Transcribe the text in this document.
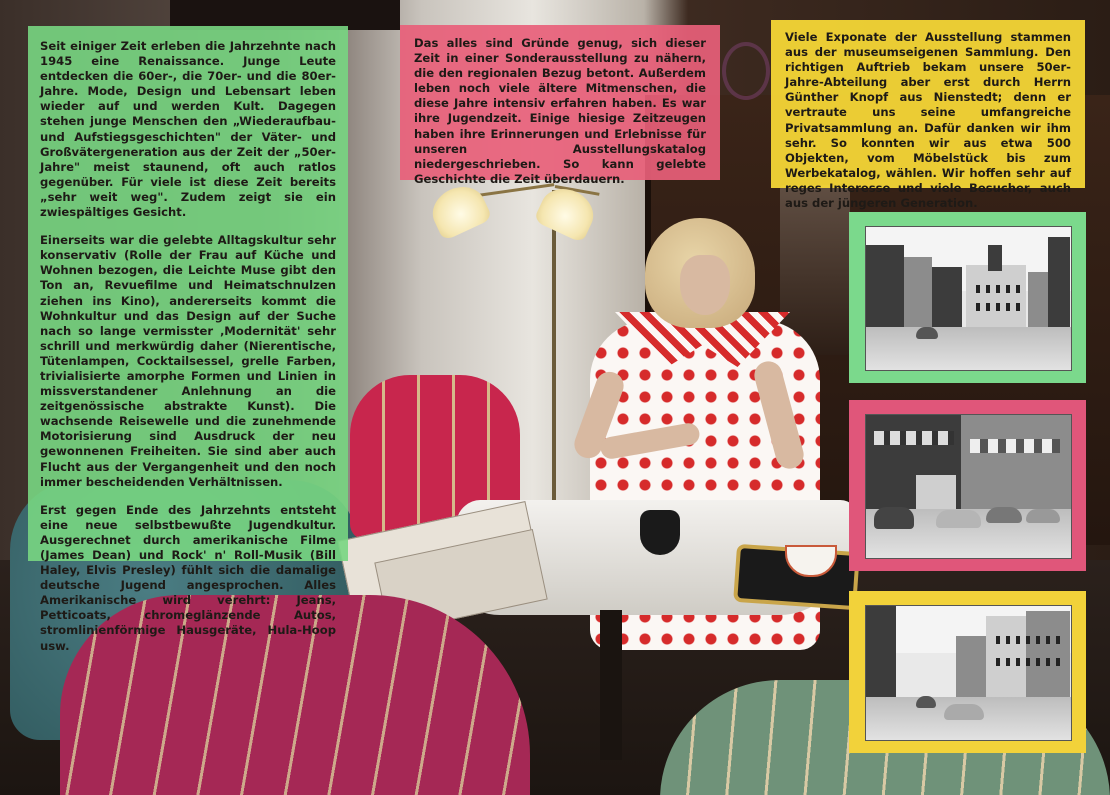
Seit einiger Zeit erleben die Jahrzehnte nach 1945 eine Renaissance. Junge Leute entdecken die 60er-, die 70er- und die 80er-Jahre. Mode, Design und Lebensart leben wieder auf und werden Kult. Dagegen stehen junge Menschen den „Wiederaufbau- und Aufstiegsgeschichten" der Väter- und Großvätergeneration aus der Zeit der „50er-Jahre" meist staunend, oft auch ratlos gegenüber. Für viele ist diese Zeit bereits „sehr weit weg". Zudem zeigt sie ein zwiespältiges Gesicht.

Einerseits war die gelebte Alltagskultur sehr konservativ (Rolle der Frau auf Küche und Wohnen bezogen, die Leichte Muse gibt den Ton an, Revuefilme und Heimatschnulzen ziehen ins Kino), andererseits kommt die Wohnkultur und das Design auf der Suche nach so lange vermisster ‚Modernität' sehr schrill und merkwürdig daher (Nierentische, Tütenlampen, Cocktailsessel, grelle Farben, trivialisierte amorphe Formen und Linien in missverstandener Anlehnung an die zeitgenössische abstrakte Kunst). Die wachsende Reisewelle und die zunehmende Motorisierung sind Ausdruck der neu gewonnenen Freiheiten. Sie sind aber auch Flucht aus der Vergangenheit und den noch immer bescheidenden Verhältnissen.

Erst gegen Ende des Jahrzehnts entsteht eine neue selbstbewußte Jugendkultur. Ausgerechnet durch amerikanische Filme (James Dean) und Rock' n' Roll-Musik (Bill Haley, Elvis Presley) fühlt sich die damalige deutsche Jugend angesprochen. Alles Amerikanische wird verehrt: Jeans, Petticoats, chromeglänzende Autos, stromlinienförmige Hausgeräte, Hula-Hoop usw.

Das alles sind Gründe genug, sich dieser Zeit in einer Sonderausstellung zu nähern, die den regionalen Bezug betont. Außerdem leben noch viele ältere Mitmenschen, die diese Jahre intensiv erfahren haben. Es war ihre Jugendzeit. Einige hiesige Zeitzeugen haben ihre Erinnerungen und Erlebnisse für unseren Ausstellungskatalog niedergeschrieben. So kann gelebte Geschichte die Zeit überdauern.

Viele Exponate der Ausstellung stammen aus der museumseigenen Sammlung. Den richtigen Auftrieb bekam unsere 50er-Jahre-Abteilung aber erst durch Herrn Günther Knopf aus Nienstedt; denn er vertraute uns seine umfangreiche Privatsammlung an. Dafür danken wir ihm sehr. So konnten wir aus etwa 500 Objekten, vom Möbelstück bis zum Werbekatalog, wählen. Wir hoffen sehr auf reges Interesse und viele Besucher, auch aus der jüngeren Generation.
